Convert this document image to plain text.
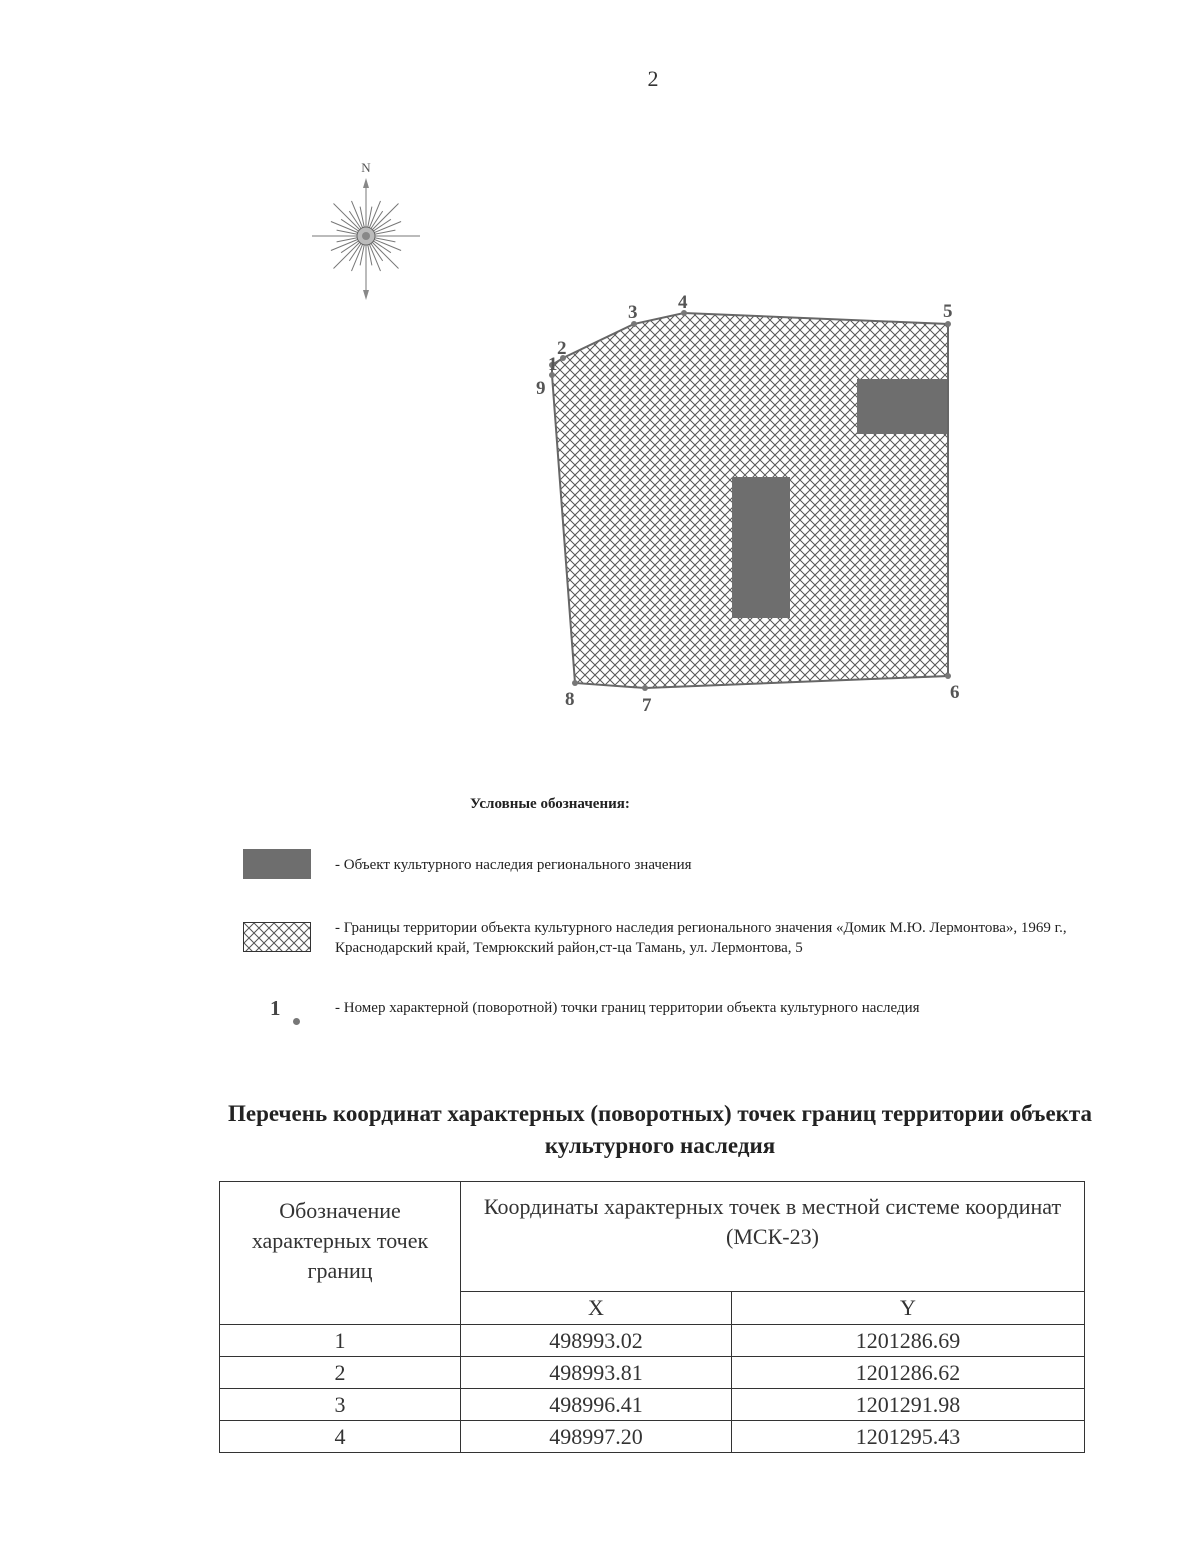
2
N
1
2
3 4	5
6
7
8
9
Условные обозначения:
- Объект культурного наследия регионального значения
- Границы территории объекта культурного наследия регионального значения «Домик М.Ю. Лермонтова», 1969 г., Краснодарский край, Темрюкский район,ст-ца Тамань, ул. Лермонтова, 5
1	- Номер характерной (поворотной) точки границ территории объекта культурного наследия
Перечень координат характерных (поворотных) точек границ территории объекта культурного наследия
Обозначение характерных точек границ	Координаты характерных точек в местной системе координат (МСК-23)	
	X	Y
1	498993.02	1201286.69
2	498993.81	1201286.62
3	498996.41	1201291.98
4	498997.20	1201295.43
